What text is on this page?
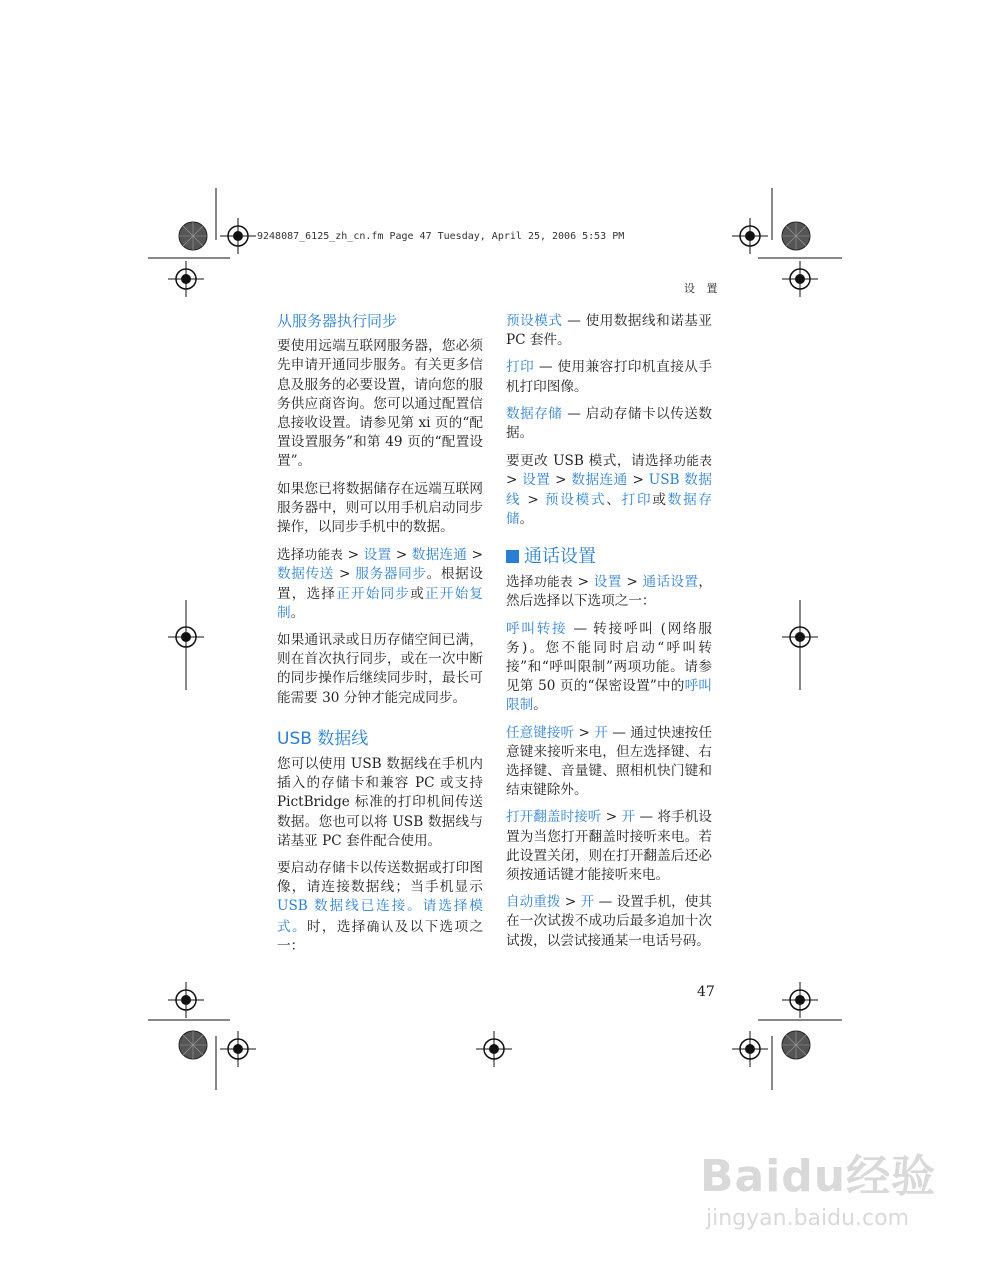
9248087_6125_zh_cn.fm Page 47 Tuesday, April 25, 2006 5:53 PM
设 置
从服务器执行同步

要使用远端互联网服务器，您必须先申请开通同步服务。有关更多信息及服务的必要设置，请向您的服务供应商咨询。您可以通过配置信息接收设置。请参见第 xi 页的“配置设置服务”和第 49 页的“配置设置”。

如果您已将数据储存在远端互联网服务器中，则可以用手机启动同步操作，以同步手机中的数据。

选择功能表 > 设置 > 数据连通 > 数据传送 > 服务器同步。根据设置，选择正开始同步或正开始复制。

如果通讯录或日历存储空间已满，则在首次执行同步，或在一次中断的同步操作后继续同步时，最长可能需要 30 分钟才能完成同步。

USB 数据线

您可以使用 USB 数据线在手机内插入的存储卡和兼容 PC 或支持 PictBridge 标准的打印机间传送数据。您也可以将 USB 数据线与诺基亚 PC 套件配合使用。

要启动存储卡以传送数据或打印图像，请连接数据线；当手机显示USB 数据线已连接。请选择模式。时，选择确认及以下选项之一：

预设模式 — 使用数据线和诺基亚 PC 套件。

打印 — 使用兼容打印机直接从手机打印图像。

数据存储 — 启动存储卡以传送数据。

要更改 USB 模式，请选择功能表 > 设置 > 数据连通 > USB 数据线 > 预设模式、打印或数据存储。

通话设置

选择功能表 > 设置 > 通话设置，然后选择以下选项之一：

呼叫转接 — 转接呼叫 (网络服务)。您不能同时启动“呼叫转接”和“呼叫限制”两项功能。请参见第 50 页的“保密设置”中的呼叫限制。

任意键接听 > 开 — 通过快速按任意键来接听来电，但左选择键、右选择键、音量键、照相机快门键和结束键除外。

打开翻盖时接听 > 开 — 将手机设置为当您打开翻盖时接听来电。若此设置关闭，则在打开翻盖后还必须按通话键才能接听来电。

自动重拨 > 开 — 设置手机，使其在一次试拨不成功后最多追加十次试拨，以尝试接通某一电话号码。

47
Baidu经验
jingyan.baidu.com
